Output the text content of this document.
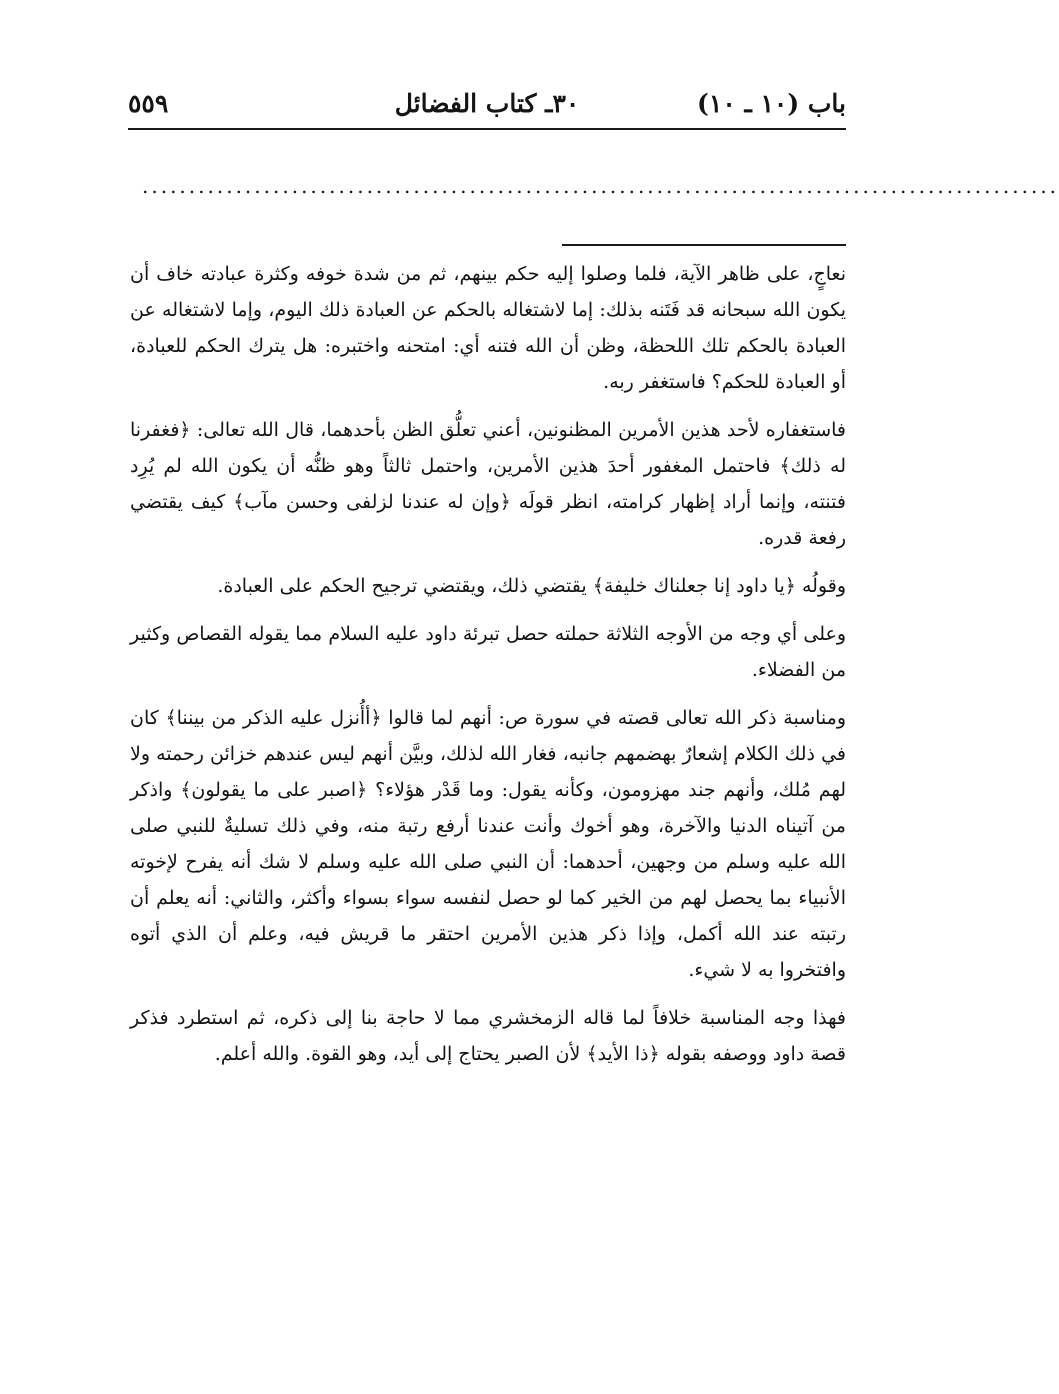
باب (١٠ ـ ١٠)
٣٠ـ كتاب الفضائل
٥٥٩
..................................................................................................

نعاجٍ، على ظاهر الآية، فلما وصلوا إليه حكم بينهم، ثم من شدة خوفه وكثرة عبادته خاف أن يكون الله سبحانه قد فَتَنه بذلك: إما لاشتغاله بالحكم عن العبادة ذلك اليوم، وإما لاشتغاله عن العبادة بالحكم تلك اللحظة، وظن أن الله فتنه أي: امتحنه واختبره: هل يترك الحكم للعبادة، أو العبادة للحكم؟ فاستغفر ربه.

فاستغفاره لأحد هذين الأمرين المظنونين، أعني تعلُّق الظن بأحدهما، قال الله تعالى: ﴿فغفرنا له ذلك﴾ فاحتمل المغفور أحدَ هذين الأمرين، واحتمل ثالثاً وهو ظنُّه أن يكون الله لم يُرِد فتنته، وإنما أراد إظهار كرامته، انظر قولَه ﴿وإن له عندنا لزلفى وحسن مآب﴾ كيف يقتضي رفعة قدره.

وقولُه ﴿يا داود إنا جعلناك خليفة﴾ يقتضي ذلك، ويقتضي ترجيح الحكم على العبادة.

وعلى أي وجه من الأوجه الثلاثة حملته حصل تبرئة داود عليه السلام مما يقوله القصاص وكثير من الفضلاء.

ومناسبة ذكر الله تعالى قصته في سورة ص: أنهم لما قالوا ﴿أأُنزل عليه الذكر من بيننا﴾ كان في ذلك الكلام إشعارٌ بهضمهم جانبه، فغار الله لذلك، وبيَّن أنهم ليس عندهم خزائن رحمته ولا لهم مُلك، وأنهم جند مهزومون، وكأنه يقول: وما قَدْر هؤلاء؟ ﴿اصبر على ما يقولون﴾ واذكر من آتيناه الدنيا والآخرة، وهو أخوك وأنت عندنا أرفع رتبة منه، وفي ذلك تسليةٌ للنبي صلى الله عليه وسلم من وجهين، أحدهما: أن النبي صلى الله عليه وسلم لا شك أنه يفرح لإخوته الأنبياء بما يحصل لهم من الخير كما لو حصل لنفسه سواء بسواء وأكثر، والثاني: أنه يعلم أن رتبته عند الله أكمل، وإذا ذكر هذين الأمرين احتقر ما قريش فيه، وعلم أن الذي أتوه وافتخروا به لا شيء.

فهذا وجه المناسبة خلافاً لما قاله الزمخشري مما لا حاجة بنا إلى ذكره، ثم استطرد فذكر قصة داود ووصفه بقوله ﴿ذا الأيد﴾ لأن الصبر يحتاج إلى أيد، وهو القوة. والله أعلم.
